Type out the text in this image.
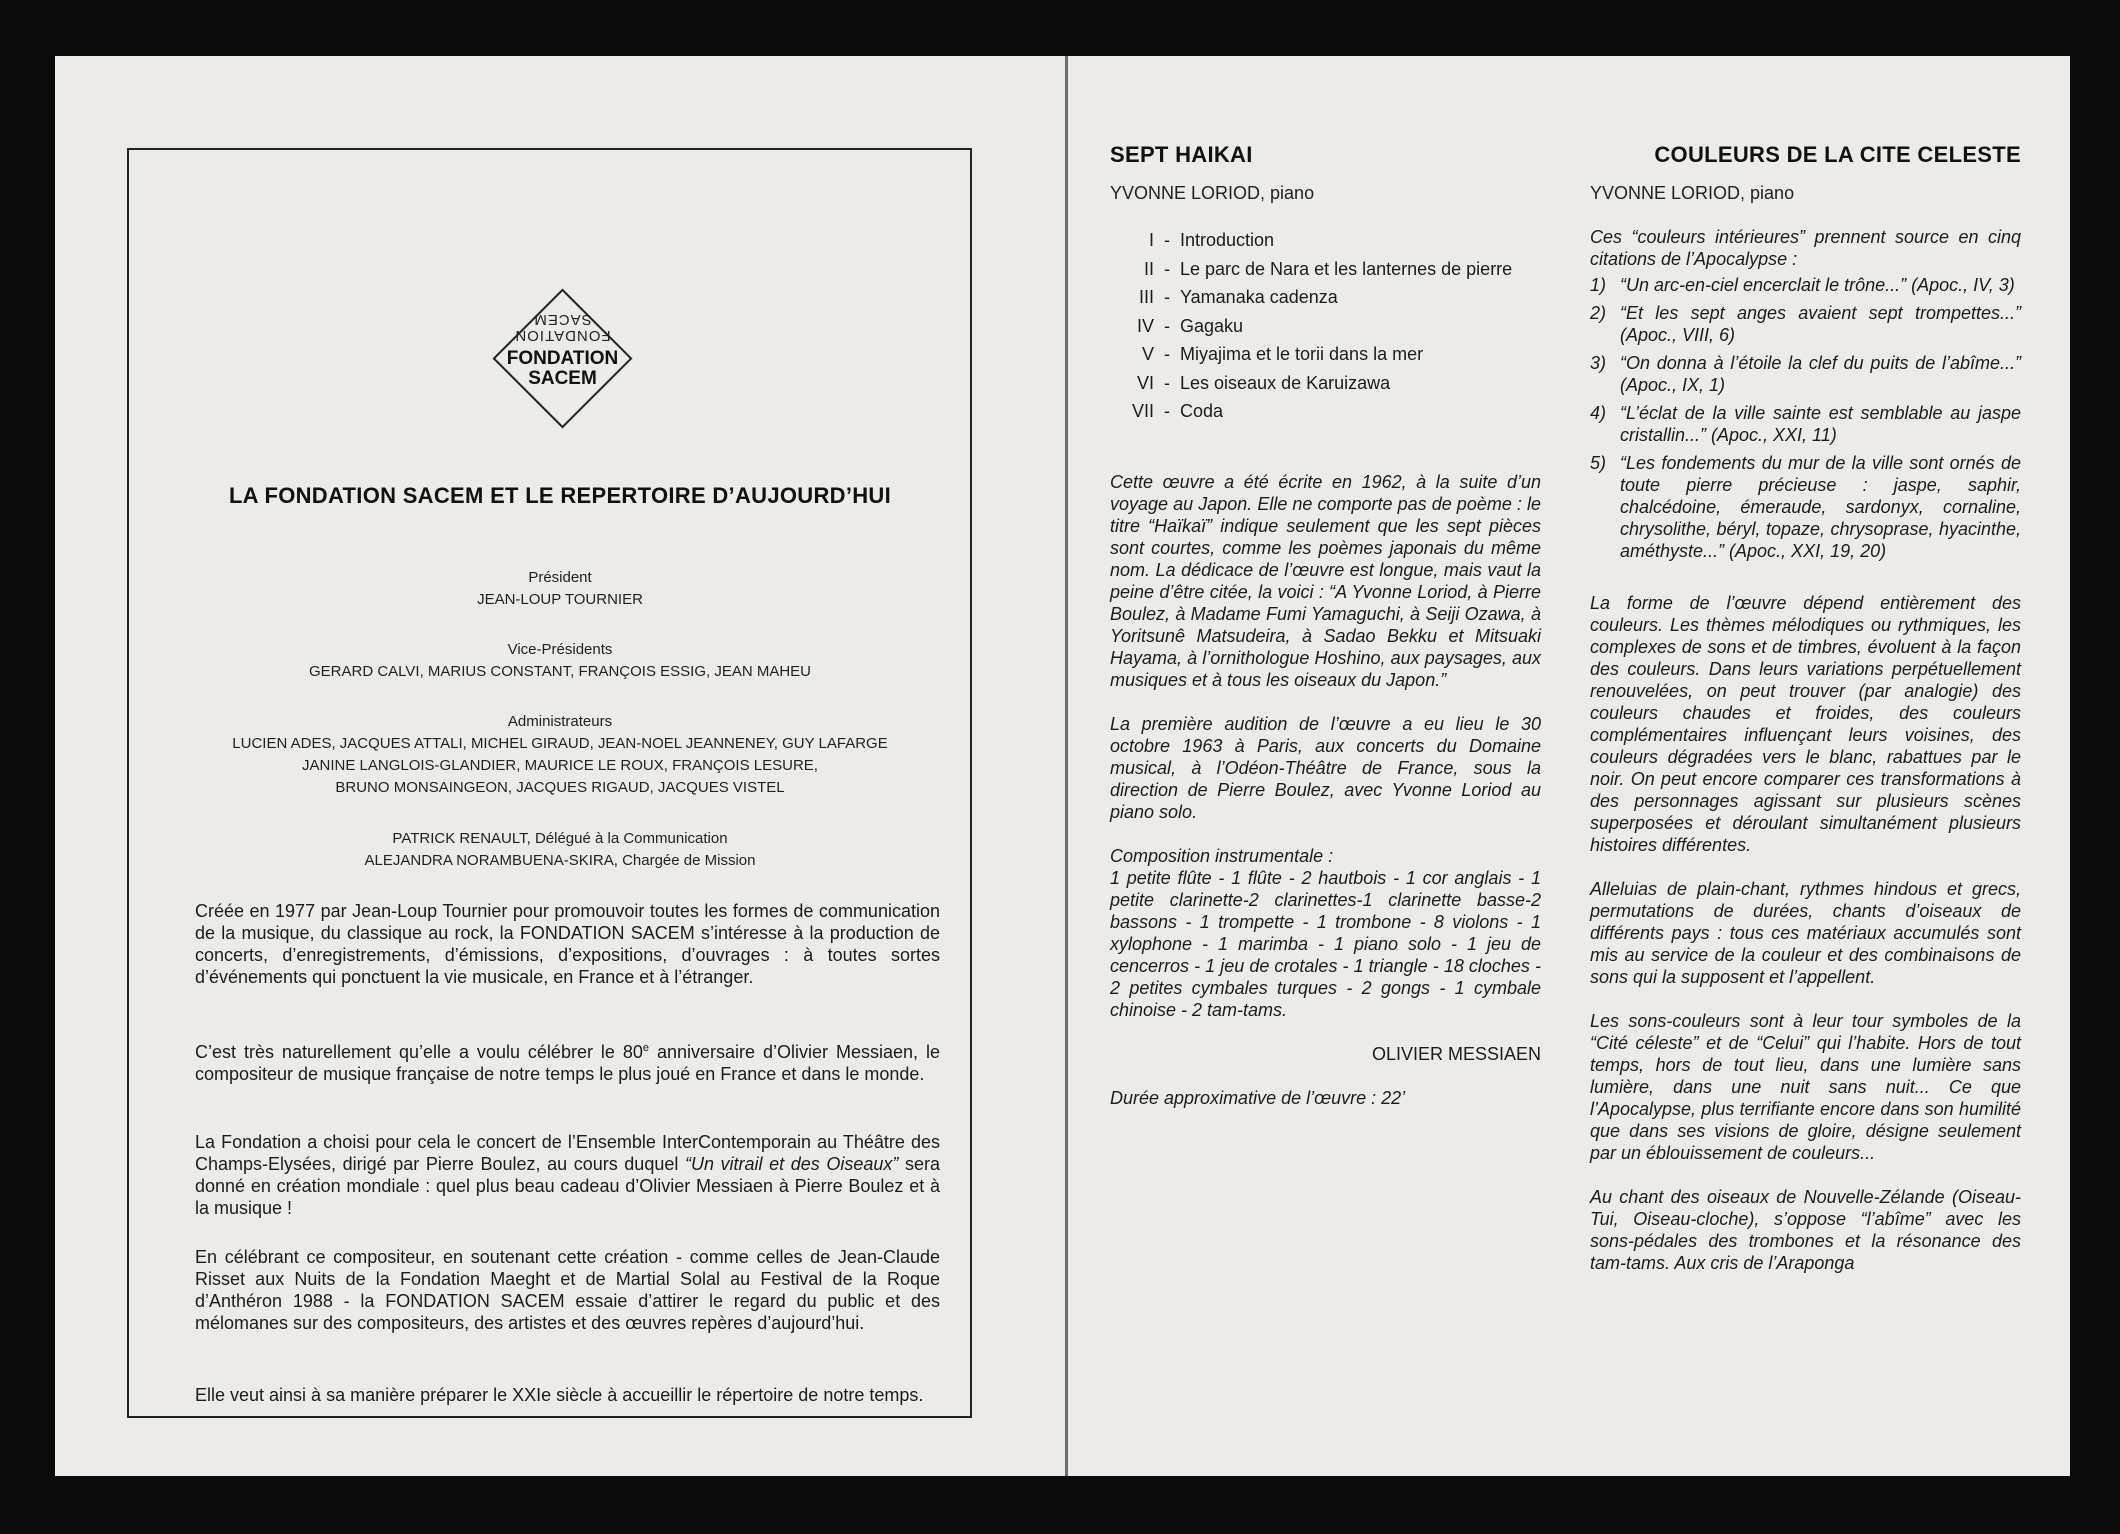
SACEM
FONDATION
FONDATION
SACEM
LA FONDATION SACEM ET LE REPERTOIRE D’AUJOURD’HUI
Président
JEAN-LOUP TOURNIER
Vice-Présidents
GERARD CALVI, MARIUS CONSTANT, FRANÇOIS ESSIG, JEAN MAHEU
Administrateurs
LUCIEN ADES, JACQUES ATTALI, MICHEL GIRAUD, JEAN-NOEL JEANNENEY, GUY LAFARGE
JANINE LANGLOIS-GLANDIER, MAURICE LE ROUX, FRANÇOIS LESURE,
BRUNO MONSAINGEON, JACQUES RIGAUD, JACQUES VISTEL
PATRICK RENAULT, Délégué à la Communication
ALEJANDRA NORAMBUENA-SKIRA, Chargée de Mission
Créée en 1977 par Jean-Loup Tournier pour promouvoir toutes les formes de communication de la musique, du classique au rock, la FONDATION SACEM s’intéresse à la production de concerts, d’enregistrements, d’émissions, d’expositions, d’ouvrages : à toutes sortes d’événements qui ponctuent la vie musicale, en France et à l’étranger.
C’est très naturellement qu’elle a voulu célébrer le 80e anniversaire d’Olivier Messiaen, le compositeur de musique française de notre temps le plus joué en France et dans le monde.
La Fondation a choisi pour cela le concert de l’Ensemble InterContemporain au Théâtre des Champs-Elysées, dirigé par Pierre Boulez, au cours duquel “Un vitrail et des Oiseaux” sera donné en création mondiale : quel plus beau cadeau d’Olivier Messiaen à Pierre Boulez et à la musique !
En célébrant ce compositeur, en soutenant cette création - comme celles de Jean-Claude Risset aux Nuits de la Fondation Maeght et de Martial Solal au Festival de la Roque d’Anthéron 1988 - la FONDATION SACEM essaie d’attirer le regard du public et des mélomanes sur des compositeurs, des artistes et des œuvres repères d’aujourd’hui.
Elle veut ainsi à sa manière préparer le XXIe siècle à accueillir le répertoire de notre temps.
SEPT HAIKAI
YVONNE LORIOD, piano
I - Introduction
II - Le parc de Nara et les lanternes de pierre
III - Yamanaka cadenza
IV - Gagaku
V - Miyajima et le torii dans la mer
VI - Les oiseaux de Karuizawa
VII - Coda
Cette œuvre a été écrite en 1962, à la suite d’un voyage au Japon. Elle ne comporte pas de poème : le titre “Haïkaï” indique seulement que les sept pièces sont courtes, comme les poèmes japonais du même nom. La dédicace de l’œuvre est longue, mais vaut la peine d’être citée, la voici : “A Yvonne Loriod, à Pierre Boulez, à Madame Fumi Yamaguchi, à Seiji Ozawa, à Yoritsunê Matsudeira, à Sadao Bekku et Mitsuaki Hayama, à l’ornithologue Hoshino, aux paysages, aux musiques et à tous les oiseaux du Japon.”
La première audition de l’œuvre a eu lieu le 30 octobre 1963 à Paris, aux concerts du Domaine musical, à l’Odéon-Théâtre de France, sous la direction de Pierre Boulez, avec Yvonne Loriod au piano solo.
Composition instrumentale :
1 petite flûte - 1 flûte - 2 hautbois - 1 cor anglais - 1 petite clarinette-2 clarinettes-1 clarinette basse-2 bassons - 1 trompette - 1 trombone - 8 violons - 1 xylophone - 1 marimba - 1 piano solo - 1 jeu de cencerros - 1 jeu de crotales - 1 triangle - 18 cloches - 2 petites cymbales turques - 2 gongs - 1 cymbale chinoise - 2 tam-tams.
OLIVIER MESSIAEN
Durée approximative de l’œuvre : 22’
COULEURS DE LA CITE CELESTE
YVONNE LORIOD, piano
Ces “couleurs intérieures” prennent source en cinq citations de l’Apocalypse :
1) “Un arc-en-ciel encerclait le trône...” (Apoc., IV, 3)
2) “Et les sept anges avaient sept trompettes...” (Apoc., VIII, 6)
3) “On donna à l’étoile la clef du puits de l’abîme...” (Apoc., IX, 1)
4) “L’éclat de la ville sainte est semblable au jaspe cristallin...” (Apoc., XXI, 11)
5) “Les fondements du mur de la ville sont ornés de toute pierre précieuse : jaspe, saphir, chalcédoine, émeraude, sardonyx, cornaline, chrysolithe, béryl, topaze, chrysoprase, hyacinthe, améthyste...” (Apoc., XXI, 19, 20)
La forme de l’œuvre dépend entièrement des couleurs. Les thèmes mélodiques ou rythmiques, les complexes de sons et de timbres, évoluent à la façon des couleurs. Dans leurs variations perpétuellement renouvelées, on peut trouver (par analogie) des couleurs chaudes et froides, des couleurs complémentaires influençant leurs voisines, des couleurs dégradées vers le blanc, rabattues par le noir. On peut encore comparer ces transformations à des personnages agissant sur plusieurs scènes superposées et déroulant simultanément plusieurs histoires différentes.
Alleluias de plain-chant, rythmes hindous et grecs, permutations de durées, chants d’oiseaux de différents pays : tous ces matériaux accumulés sont mis au service de la couleur et des combinaisons de sons qui la supposent et l’appellent.
Les sons-couleurs sont à leur tour symboles de la “Cité céleste” et de “Celui” qui l’habite. Hors de tout temps, hors de tout lieu, dans une lumière sans lumière, dans une nuit sans nuit... Ce que l’Apocalypse, plus terrifiante encore dans son humilité que dans ses visions de gloire, désigne seulement par un éblouissement de couleurs...
Au chant des oiseaux de Nouvelle-Zélande (Oiseau-Tui, Oiseau-cloche), s’oppose “l’abîme” avec les sons-pédales des trombones et la résonance des tam-tams. Aux cris de l’Araponga
